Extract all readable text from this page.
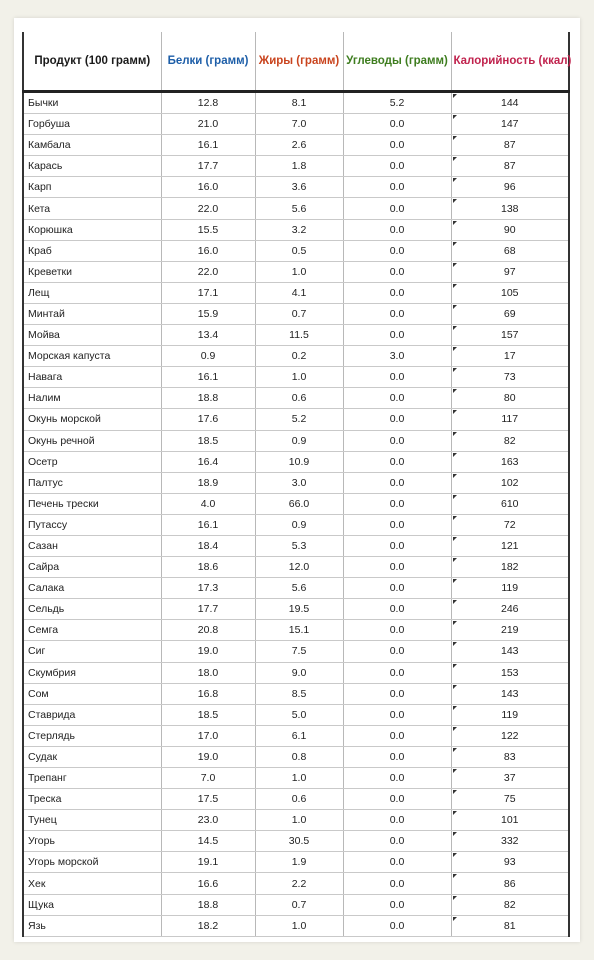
Продукт (100 грамм)	Белки (грамм)	Жиры (грамм)	Углеводы (грамм)	Калорийность (ккал)
Бычки	12.8	8.1	5.2	144
Горбуша	21.0	7.0	0.0	147
Камбала	16.1	2.6	0.0	87
Карась	17.7	1.8	0.0	87
Карп	16.0	3.6	0.0	96
Кета	22.0	5.6	0.0	138
Корюшка	15.5	3.2	0.0	90
Краб	16.0	0.5	0.0	68
Креветки	22.0	1.0	0.0	97
Лещ	17.1	4.1	0.0	105
Минтай	15.9	0.7	0.0	69
Мойва	13.4	11.5	0.0	157
Морская капуста	0.9	0.2	3.0	17
Навага	16.1	1.0	0.0	73
Налим	18.8	0.6	0.0	80
Окунь морской	17.6	5.2	0.0	117
Окунь речной	18.5	0.9	0.0	82
Осетр	16.4	10.9	0.0	163
Палтус	18.9	3.0	0.0	102
Печень трески	4.0	66.0	0.0	610
Путассу	16.1	0.9	0.0	72
Сазан	18.4	5.3	0.0	121
Сайра	18.6	12.0	0.0	182
Салака	17.3	5.6	0.0	119
Сельдь	17.7	19.5	0.0	246
Семга	20.8	15.1	0.0	219
Сиг	19.0	7.5	0.0	143
Скумбрия	18.0	9.0	0.0	153
Сом	16.8	8.5	0.0	143
Ставрида	18.5	5.0	0.0	119
Стерлядь	17.0	6.1	0.0	122
Судак	19.0	0.8	0.0	83
Трепанг	7.0	1.0	0.0	37
Треска	17.5	0.6	0.0	75
Тунец	23.0	1.0	0.0	101
Угорь	14.5	30.5	0.0	332
Угорь морской	19.1	1.9	0.0	93
Хек	16.6	2.2	0.0	86
Щука	18.8	0.7	0.0	82
Язь	18.2	1.0	0.0	81
